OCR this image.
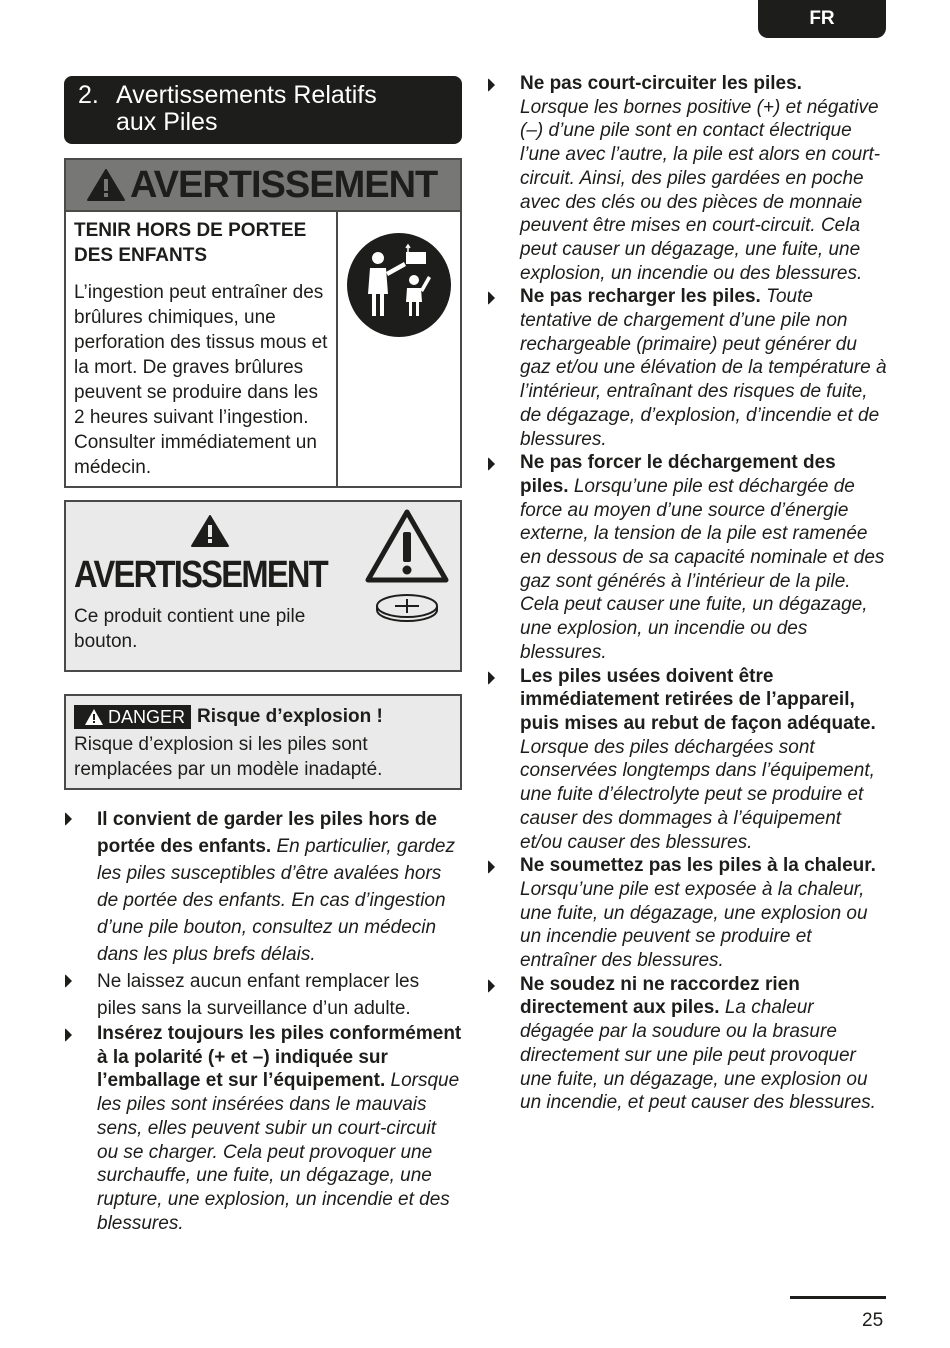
FR
2. Avertissements Relatifs
aux Piles
AVERTISSEMENT

TENIR HORS DE PORTEE
DES ENFANTS

L’ingestion peut entraîner des brûlures chimiques, une perforation des tissus mous et la mort. De graves brûlures peuvent se produire dans les 2 heures suivant l’ingestion. Consulter immédiatement un médecin.

AVERTISSEMENT
Ce produit contient une pile bouton.
DANGER Risque d’explosion !
Risque d’explosion si les piles sont remplacées par un modèle inadapté.
Il convient de garder les piles hors de portée des enfants. En particulier, gardez les piles susceptibles d’être avalées hors de portée des enfants. En cas d’ingestion d’une pile bouton, consultez un médecin dans les plus brefs délais.
Ne laissez aucun enfant remplacer les piles sans la surveillance d’un adulte.
Insérez toujours les piles conformément à la polarité (+ et –) indiquée sur l’emballage et sur l’équipement. Lorsque les piles sont insérées dans le mauvais sens, elles peuvent subir un court-circuit ou se charger. Cela peut provoquer une surchauffe, une fuite, un dégazage, une rupture, une explosion, un incendie et des blessures.
Ne pas court-circuiter les piles.
Lorsque les bornes positive (+) et négative (–) d’une pile sont en contact électrique l’une avec l’autre, la pile est alors en court-circuit. Ainsi, des piles gardées en poche avec des clés ou des pièces de monnaie peuvent être mises en court-circuit. Cela peut causer un dégazage, une fuite, une explosion, un incendie ou des blessures.
Ne pas recharger les piles. Toute tentative de chargement d’une pile non rechargeable (primaire) peut générer du gaz et/ou une élévation de la température à l’intérieur, entraînant des risques de fuite, de dégazage, d’explosion, d’incendie et de blessures.
Ne pas forcer le déchargement des piles. Lorsqu’une pile est déchargée de force au moyen d’une source d’énergie externe, la tension de la pile est ramenée en dessous de sa capacité nominale et des gaz sont générés à l’intérieur de la pile. Cela peut causer une fuite, un dégazage, une explosion, un incendie ou des blessures.
Les piles usées doivent être immédiatement retirées de l’appareil, puis mises au rebut de façon adéquate. Lorsque des piles déchargées sont conservées longtemps dans l’équipement, une fuite d’électrolyte peut se produire et causer des dommages à l’équipement et/ou causer des blessures.
Ne soumettez pas les piles à la chaleur. Lorsqu’une pile est exposée à la chaleur, une fuite, un dégazage, une explosion ou un incendie peuvent se produire et entraîner des blessures.
Ne soudez ni ne raccordez rien directement aux piles. La chaleur dégagée par la soudure ou la brasure directement sur une pile peut provoquer une fuite, un dégazage, une explosion ou un incendie, et peut causer des blessures.
25
